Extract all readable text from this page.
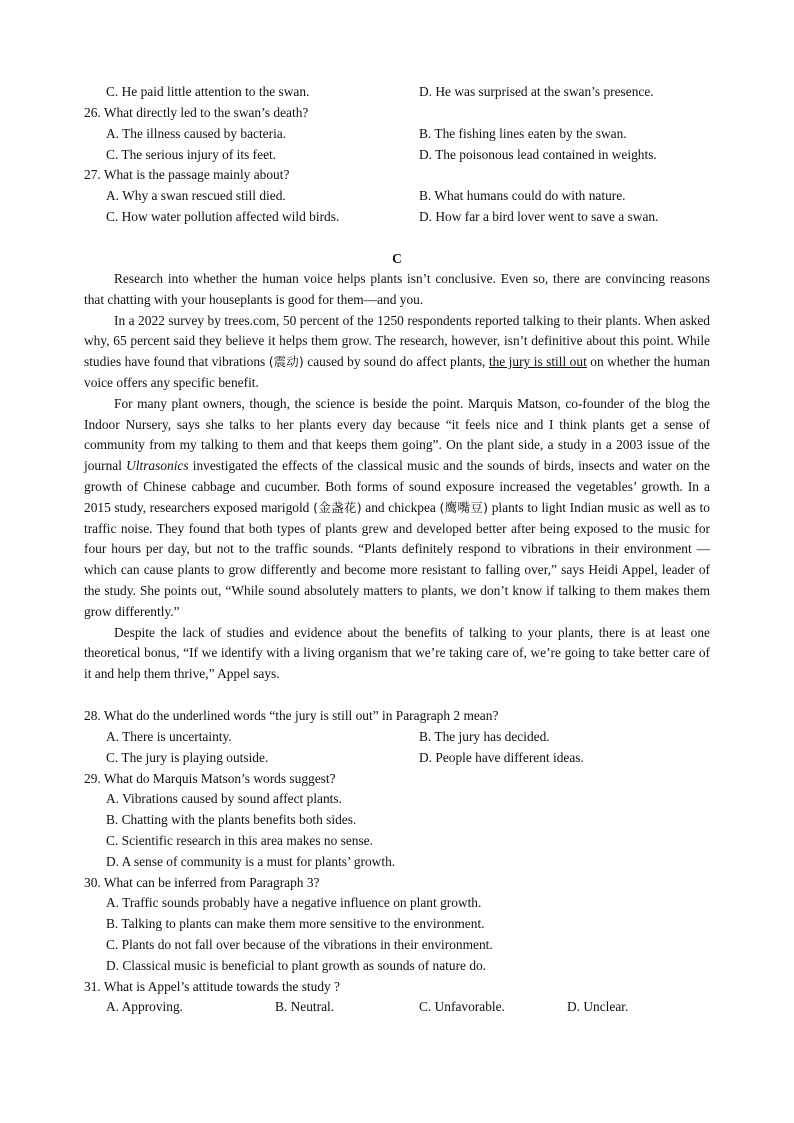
C. He paid little attention to the swan.	D. He was surprised at the swan’s presence.
26. What directly led to the swan’s death?
A. The illness caused by bacteria.	B. The fishing lines eaten by the swan.
C. The serious injury of its feet.	D. The poisonous lead contained in weights.
27. What is the passage mainly about?
A. Why a swan rescued still died.	B. What humans could do with nature.
C. How water pollution affected wild birds.	D. How far a bird lover went to save a swan.
C

Research into whether the human voice helps plants isn’t conclusive. Even so, there are convincing reasons that chatting with your houseplants is good for them—and you.

In a 2022 survey by trees.com, 50 percent of the 1250 respondents reported talking to their plants. When asked why, 65 percent said they believe it helps them grow. The research, however, isn’t definitive about this point. While studies have found that vibrations (震动) caused by sound do affect plants, the jury is still out on whether the human voice offers any specific benefit.

For many plant owners, though, the science is beside the point. Marquis Matson, co-founder of the blog the Indoor Nursery, says she talks to her plants every day because “it feels nice and I think plants get a sense of community from my talking to them and that keeps them going”. On the plant side, a study in a 2003 issue of the journal Ultrasonics investigated the effects of the classical music and the sounds of birds, insects and water on the growth of Chinese cabbage and cucumber. Both forms of sound exposure increased the vegetables’ growth. In a 2015 study, researchers exposed marigold (金盏花) and chickpea (鹰嘴豆) plants to light Indian music as well as to traffic noise. They found that both types of plants grew and developed better after being exposed to the music for four hours per day, but not to the traffic sounds. “Plants definitely respond to vibrations in their environment —which can cause plants to grow differently and become more resistant to falling over,” says Heidi Appel, leader of the study. She points out, “While sound absolutely matters to plants, we don’t know if talking to them makes them grow differently.”

Despite the lack of studies and evidence about the benefits of talking to your plants, there is at least one theoretical bonus, “If we identify with a living organism that we’re taking care of, we’re going to take better care of it and help them thrive,” Appel says.

28. What do the underlined words “the jury is still out” in Paragraph 2 mean?
A. There is uncertainty.	B. The jury has decided.
C. The jury is playing outside.	D. People have different ideas.
29. What do Marquis Matson’s words suggest?
A. Vibrations caused by sound affect plants.
B. Chatting with the plants benefits both sides.
C. Scientific research in this area makes no sense.
D. A sense of community is a must for plants’ growth.
30. What can be inferred from Paragraph 3?
A. Traffic sounds probably have a negative influence on plant growth.
B. Talking to plants can make them more sensitive to the environment.
C. Plants do not fall over because of the vibrations in their environment.
D. Classical music is beneficial to plant growth as sounds of nature do.
31. What is Appel’s attitude towards the study ?
A. Approving.	B. Neutral.	C. Unfavorable.	D. Unclear.
